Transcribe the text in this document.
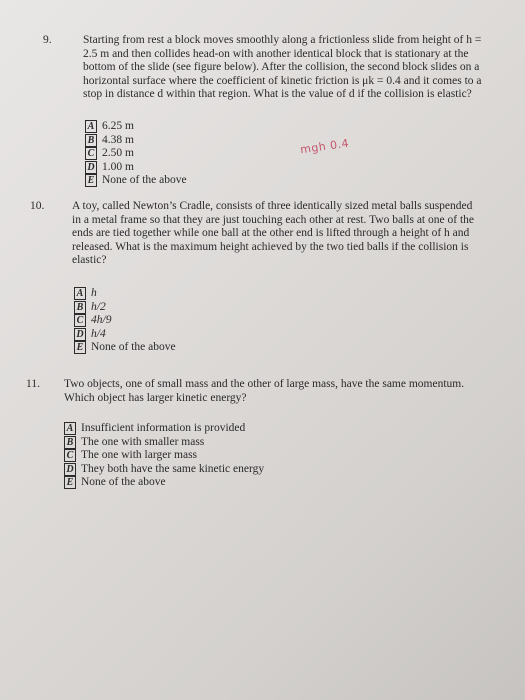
9.	Starting from rest a block moves smoothly along a frictionless slide from height of h =
2.5 m and then collides head-on with another identical block that is stationary at the
bottom of the slide (see figure below). After the collision, the second block slides on a
horizontal surface where the coefficient of kinetic friction is μk = 0.4 and it comes to a
stop in distance d within that region. What is the value of d if the collision is elastic?
A 6.25 m
B 4.38 m
C 2.50 m
D 1.00 m
E None of the above
mgh 0.4
10. A toy, called Newton’s Cradle, consists of three identically sized metal balls suspended
in a metal frame so that they are just touching each other at rest. Two balls at one of the
ends are tied together while one ball at the other end is lifted through a height of h and
released. What is the maximum height achieved by the two tied balls if the collision is
elastic?
A h
B h/2
C 4h/9
D h/4
E None of the above
11. Two objects, one of small mass and the other of large mass, have the same momentum.
Which object has larger kinetic energy?
A Insufficient information is provided
B The one with smaller mass
C The one with larger mass
D They both have the same kinetic energy
E None of the above
